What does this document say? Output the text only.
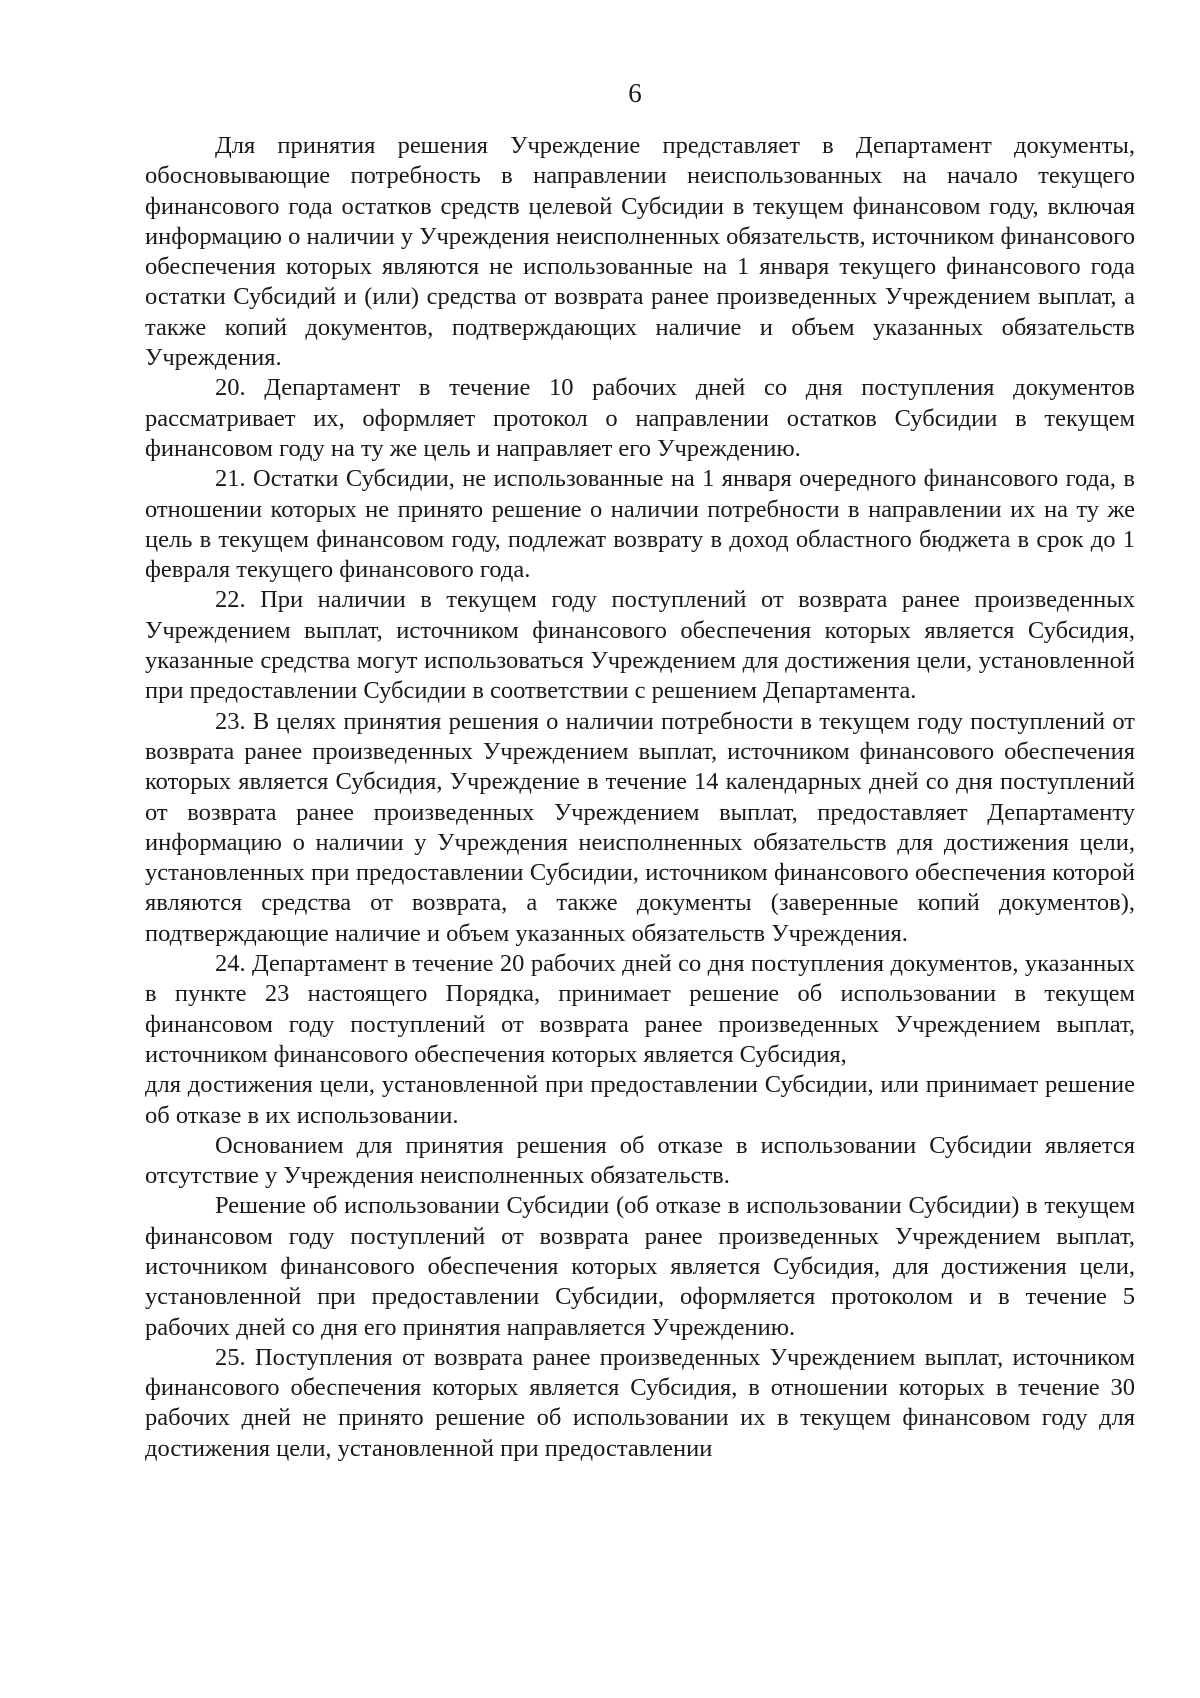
6

Для принятия решения Учреждение представляет в Департамент документы, обосновывающие потребность в направлении неиспользованных на начало текущего финансового года остатков средств целевой Субсидии в текущем финансовом году, включая информацию о наличии у Учреждения неисполненных обязательств, источником финансового обеспечения которых являются не использованные на 1 января текущего финансового года остатки Субсидий и (или) средства от возврата ранее произведенных Учреждением выплат, а также копий документов, подтверждающих наличие и объем указанных обязательств Учреждения.

20. Департамент в течение 10 рабочих дней со дня поступления документов рассматривает их, оформляет протокол о направлении остатков Субсидии в текущем финансовом году на ту же цель и направляет его Учреждению.

21. Остатки Субсидии, не использованные на 1 января очередного финансового года, в отношении которых не принято решение о наличии потребности в направлении их на ту же цель в текущем финансовом году, подлежат возврату в доход областного бюджета в срок до 1 февраля текущего финансового года.

22. При наличии в текущем году поступлений от возврата ранее произведенных Учреждением выплат, источником финансового обеспечения которых является Субсидия, указанные средства могут использоваться Учреждением для достижения цели, установленной при предоставлении Субсидии в соответствии с решением Департамента.

23. В целях принятия решения о наличии потребности в текущем году поступлений от возврата ранее произведенных Учреждением выплат, источником финансового обеспечения которых является Субсидия, Учреждение в течение 14 календарных дней со дня поступлений от возврата ранее произведенных Учреждением выплат, предоставляет Департаменту информацию о наличии у Учреждения неисполненных обязательств для достижения цели, установленных при предоставлении Субсидии, источником финансового обеспечения которой являются средства от возврата, а также документы (заверенные копий документов), подтверждающие наличие и объем указанных обязательств Учреждения.

24. Департамент в течение 20 рабочих дней со дня поступления документов, указанных в пункте 23 настоящего Порядка, принимает решение об использовании в текущем финансовом году поступлений от возврата ранее произведенных Учреждением выплат, источником финансового обеспечения которых является Субсидия,

для достижения цели, установленной при предоставлении Субсидии, или принимает решение об отказе в их использовании.

Основанием для принятия решения об отказе в использовании Субсидии является отсутствие у Учреждения неисполненных обязательств.

Решение об использовании Субсидии (об отказе в использовании Субсидии) в текущем финансовом году поступлений от возврата ранее произведенных Учреждением выплат, источником финансового обеспечения которых является Субсидия, для достижения цели, установленной при предоставлении Субсидии, оформляется протоколом и в течение 5 рабочих дней со дня его принятия направляется Учреждению.

25. Поступления от возврата ранее произведенных Учреждением выплат, источником финансового обеспечения которых является Субсидия, в отношении которых в течение 30 рабочих дней не принято решение об использовании их в текущем финансовом году для достижения цели, установленной при предоставлении
